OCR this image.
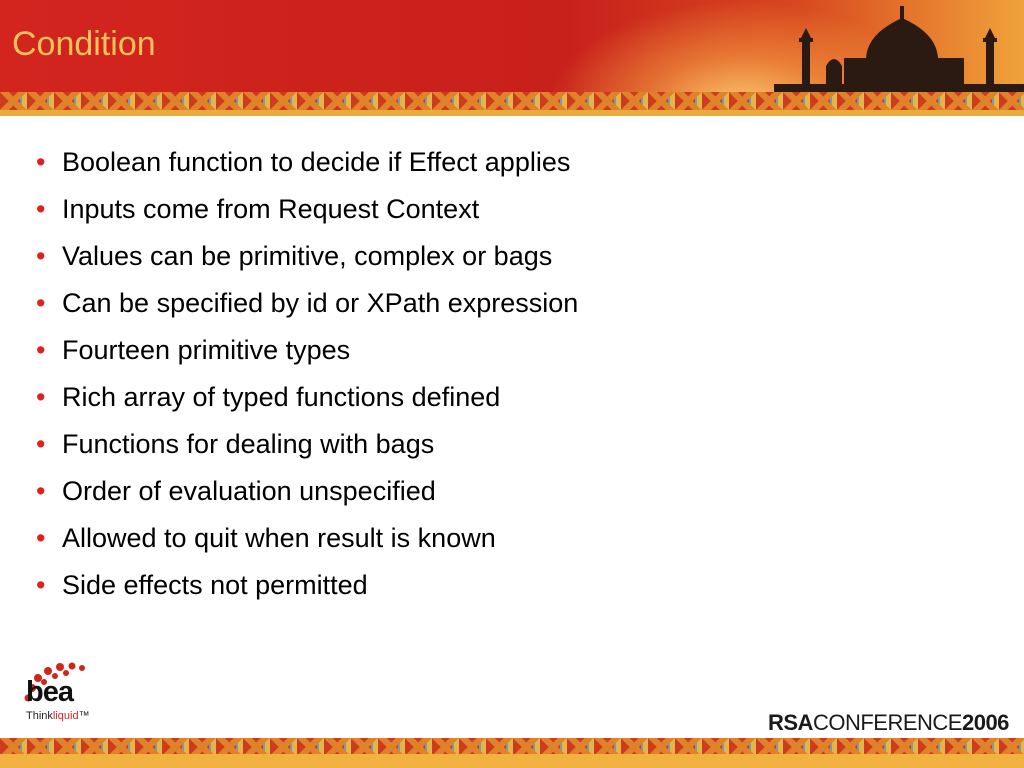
Condition
• Boolean function to decide if Effect applies
• Inputs come from Request Context
• Values can be primitive, complex or bags
• Can be specified by id or XPath expression
• Fourteen primitive types
• Rich array of typed functions defined
• Functions for dealing with bags
• Order of evaluation unspecified
• Allowed to quit when result is known
• Side effects not permitted
bea
Thinkliquid™	RSACONFERENCE2006
